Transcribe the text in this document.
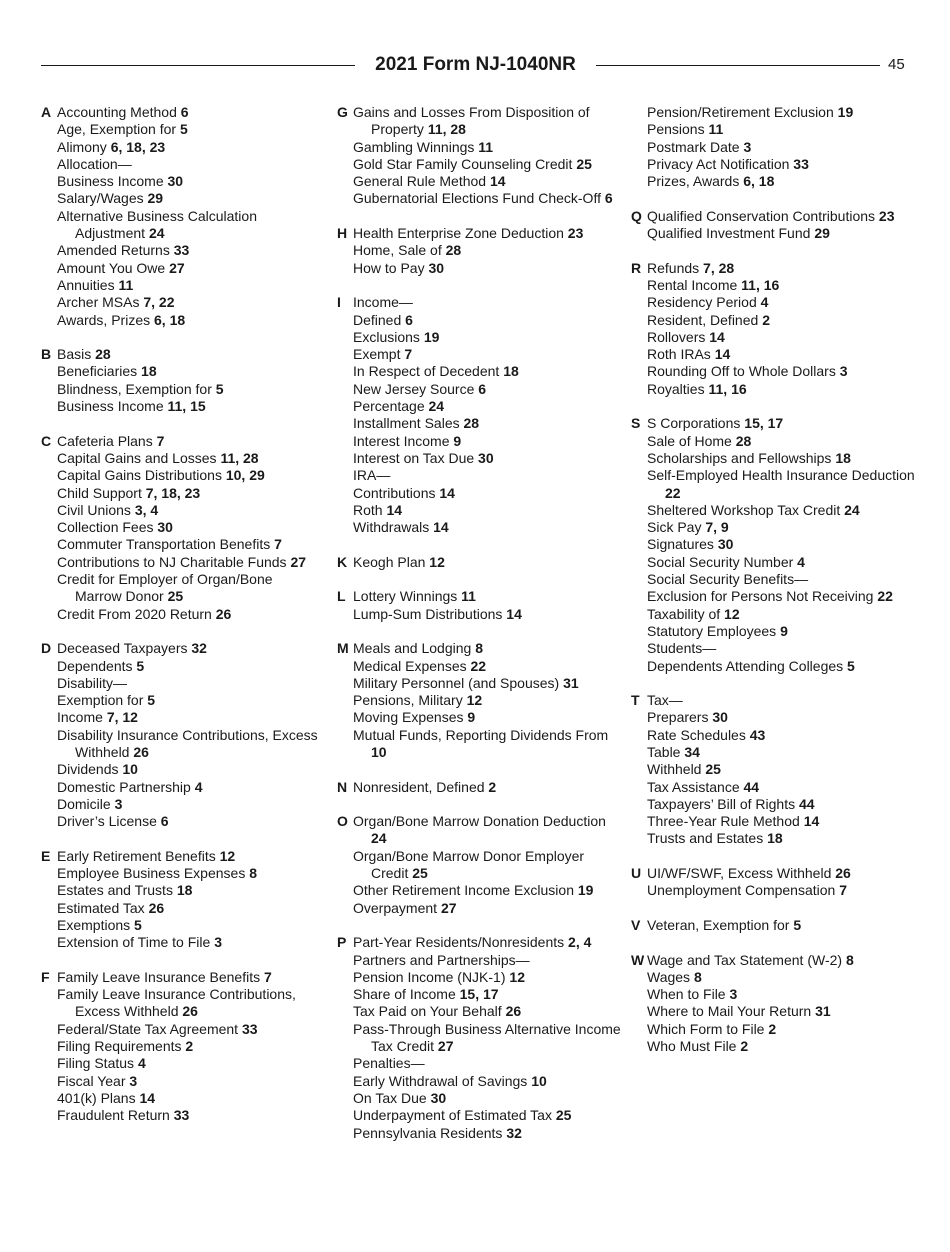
2021 Form NJ-1040NR	45
A Accounting Method 6
Age, Exemption for 5
Alimony 6, 18, 23
Allocation—
Business Income 30
Salary/Wages 29
Alternative Business Calculation Adjustment 24
Amended Returns 33
Amount You Owe 27
Annuities 11
Archer MSAs 7, 22
Awards, Prizes 6, 18
B Basis 28
Beneficiaries 18
Blindness, Exemption for 5
Business Income 11, 15
C Cafeteria Plans 7
Capital Gains and Losses 11, 28
Capital Gains Distributions 10, 29
Child Support 7, 18, 23
Civil Unions 3, 4
Collection Fees 30
Commuter Transportation Benefits 7
Contributions to NJ Charitable Funds 27
Credit for Employer of Organ/Bone Marrow Donor 25
Credit From 2020 Return 26
D Deceased Taxpayers 32
Dependents 5
Disability—
Exemption for 5
Income 7, 12
Disability Insurance Contributions, Excess Withheld 26
Dividends 10
Domestic Partnership 4
Domicile 3
Driver’s License 6
E Early Retirement Benefits 12
Employee Business Expenses 8
Estates and Trusts 18
Estimated Tax 26
Exemptions 5
Extension of Time to File 3
F Family Leave Insurance Benefits 7
Family Leave Insurance Contributions, Excess Withheld 26
Federal/State Tax Agreement 33
Filing Requirements 2
Filing Status 4
Fiscal Year 3
401(k) Plans 14
Fraudulent Return 33
G Gains and Losses From Disposition of Property 11, 28
Gambling Winnings 11
Gold Star Family Counseling Credit 25
General Rule Method 14
Gubernatorial Elections Fund Check-Off 6
H Health Enterprise Zone Deduction 23
Home, Sale of 28
How to Pay 30
I Income—
Defined 6
Exclusions 19
Exempt 7
In Respect of Decedent 18
New Jersey Source 6
Percentage 24
Installment Sales 28
Interest Income 9
Interest on Tax Due 30
IRA—
Contributions 14
Roth 14
Withdrawals 14
K Keogh Plan 12
L Lottery Winnings 11
Lump-Sum Distributions 14
M Meals and Lodging 8
Medical Expenses 22
Military Personnel (and Spouses) 31
Pensions, Military 12
Moving Expenses 9
Mutual Funds, Reporting Dividends From 10
N Nonresident, Defined 2
O Organ/Bone Marrow Donation Deduction 24
Organ/Bone Marrow Donor Employer Credit 25
Other Retirement Income Exclusion 19
Overpayment 27
P Part-Year Residents/Nonresidents 2, 4
Partners and Partnerships—
Pension Income (NJK-1) 12
Share of Income 15, 17
Tax Paid on Your Behalf 26
Pass-Through Business Alternative Income Tax Credit 27
Penalties—
Early Withdrawal of Savings 10
On Tax Due 30
Underpayment of Estimated Tax 25
Pennsylvania Residents 32
Pension/Retirement Exclusion 19
Pensions 11
Postmark Date 3
Privacy Act Notification 33
Prizes, Awards 6, 18
Q Qualified Conservation Contributions 23
Qualified Investment Fund 29
R Refunds 7, 28
Rental Income 11, 16
Residency Period 4
Resident, Defined 2
Rollovers 14
Roth IRAs 14
Rounding Off to Whole Dollars 3
Royalties 11, 16
S S Corporations 15, 17
Sale of Home 28
Scholarships and Fellowships 18
Self-Employed Health Insurance Deduction 22
Sheltered Workshop Tax Credit 24
Sick Pay 7, 9
Signatures 30
Social Security Number 4
Social Security Benefits—
Exclusion for Persons Not Receiving 22
Taxability of 12
Statutory Employees 9
Students—
Dependents Attending Colleges 5
T Tax—
Preparers 30
Rate Schedules 43
Table 34
Withheld 25
Tax Assistance 44
Taxpayers’ Bill of Rights 44
Three-Year Rule Method 14
Trusts and Estates 18
U UI/WF/SWF, Excess Withheld 26
Unemployment Compensation 7
V Veteran, Exemption for 5
W Wage and Tax Statement (W-2) 8
Wages 8
When to File 3
Where to Mail Your Return 31
Which Form to File 2
Who Must File 2
